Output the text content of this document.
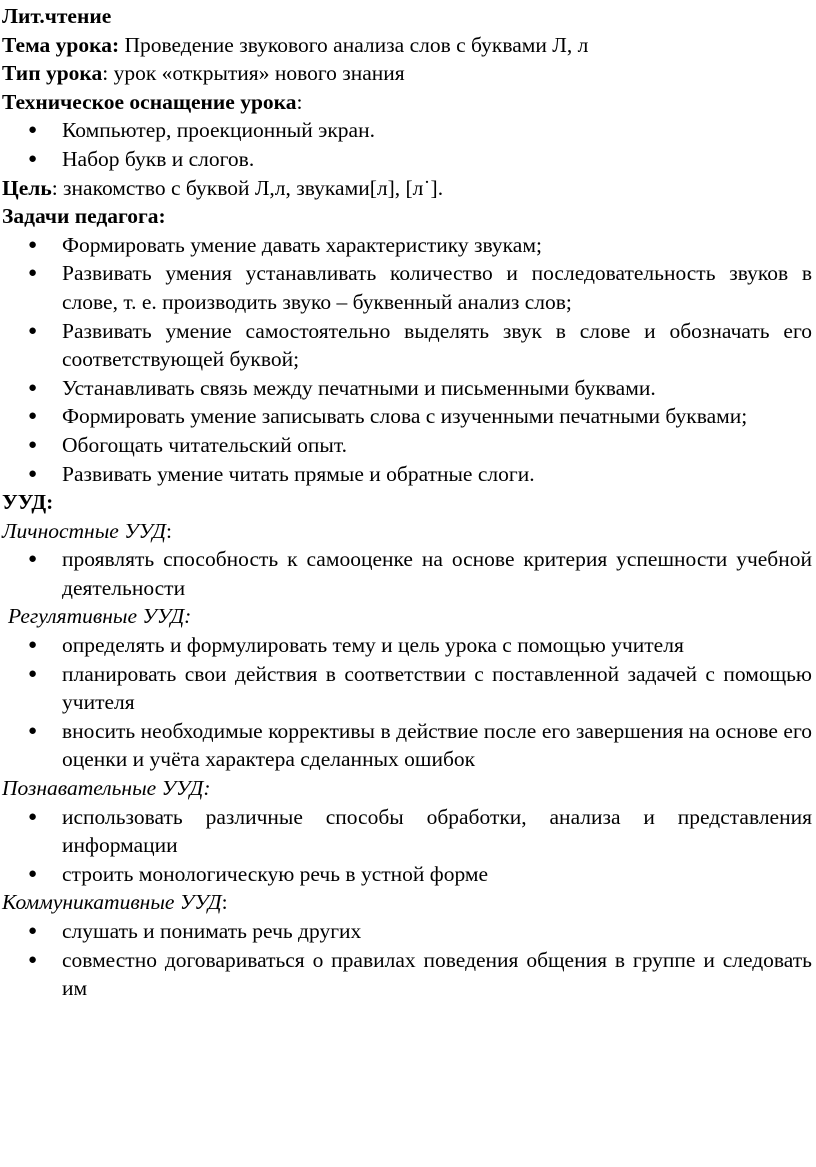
Лит.чтение

Тема урока: Проведение звукового анализа слов с буквами Л, л

Тип урока: урок «открытия» нового знания

Техническое оснащение урока:

● Компьютер, проекционный экран.
● Набор букв и слогов.

Цель: знакомство с буквой Л,л, звуками[л], [л˙].

Задачи педагога:

● Формировать умение давать характеристику звукам;
● Развивать умения устанавливать количество и последовательность звуков в слове, т. е. производить звуко – буквенный анализ слов;
● Развивать умение самостоятельно выделять звук в слове и обозначать его соответствующей буквой;
● Устанавливать связь между печатными и письменными буквами.
● Формировать умение записывать слова с изученными печатными буквами;
● Обогощать читательский опыт.
● Развивать умение читать прямые и обратные слоги.

УУД:

Личностные УУД:

● проявлять способность к самооценке на основе критерия успешности учебной деятельности

Регулятивные УУД:

● определять и формулировать тему и цель урока с помощью учителя
● планировать свои действия в соответствии с поставленной задачей с помощью учителя
● вносить необходимые коррективы в действие после его завершения на основе его оценки и учёта характера сделанных ошибок

Познавательные УУД:

● использовать различные способы обработки, анализа и представления информации
● строить монологическую речь в устной форме

Коммуникативные УУД:

● слушать и понимать речь других
● совместно договариваться о правилах поведения общения в группе и следовать им
